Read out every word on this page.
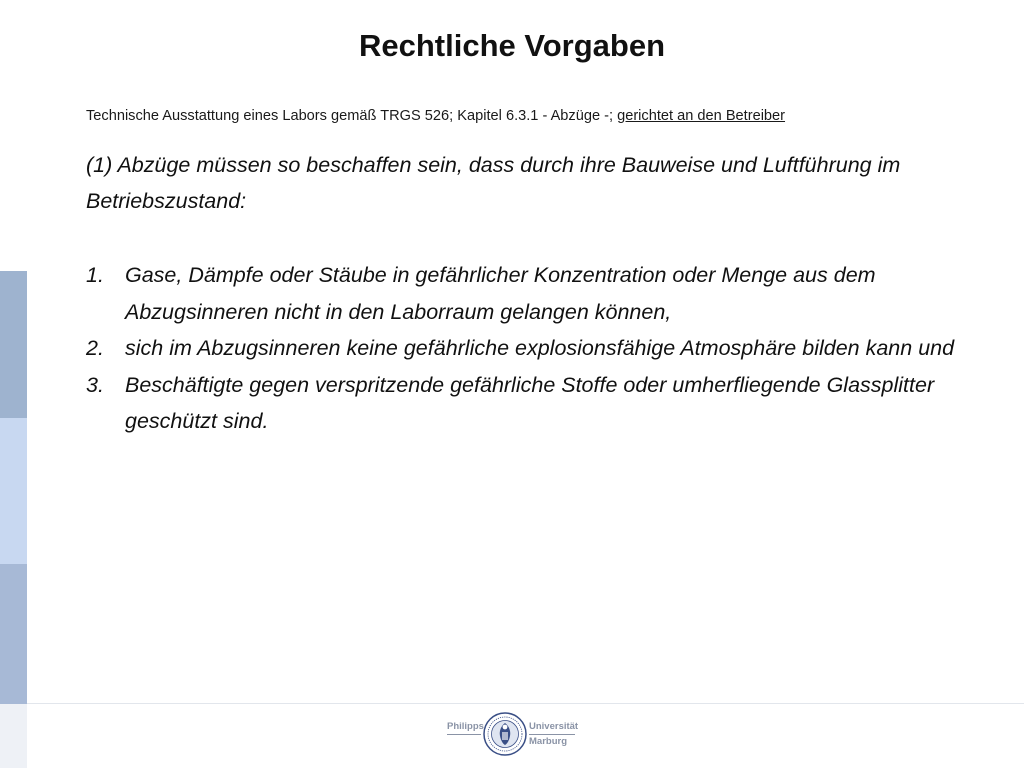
Rechtliche Vorgaben
Technische Ausstattung eines Labors gemäß TRGS 526; Kapitel 6.3.1 - Abzüge -; gerichtet an den Betreiber

(1) Abzüge müssen so beschaffen sein, dass durch ihre Bauweise und Luftführung im Betriebszustand:

1. Gase, Dämpfe oder Stäube in gefährlicher Konzentration oder Menge aus dem Abzugsinneren nicht in den Laborraum gelangen können,
2. sich im Abzugsinneren keine gefährliche explosionsfähige Atmosphäre bilden kann und
3. Beschäftigte gegen verspritzende gefährliche Stoffe oder umherfliegende Glassplitter geschützt sind.
Philipps	Universität
Marburg
